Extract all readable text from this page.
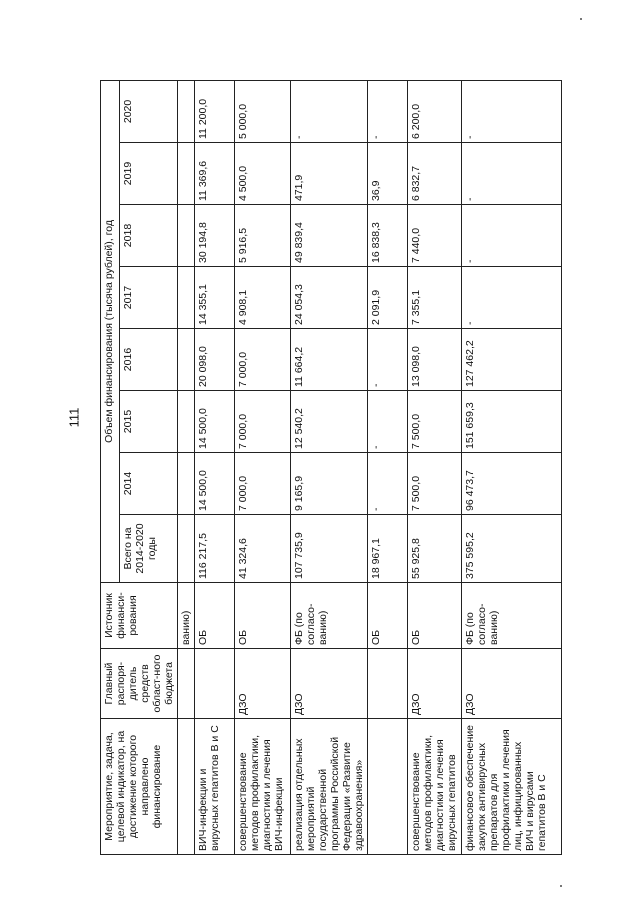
111
Мероприятие, задача, целевой индикатор, на достижение которого направлено финансирование	Главный распоря-дитель средств област-ного бюджета	Источник финанси-рования	Объем финансирования (тысяча рублей), год							
			Всего на 2014-2020 годы	2014	2015	2016	2017	2018	2019	2020
		ванию)								
ВИЧ-инфекции и вирусных гепатитов В и С		ОБ	116 217,5	14 500,0	14 500,0	20 098,0	14 355,1	30 194,8	11 369,6	11 200,0
совершенствование методов профилактики, диагностики и лечения ВИЧ-инфекции	ДЗО	ОБ	41 324,6	7 000,0	7 000,0	7 000,0	4 908,1	5 916,5	4 500,0	5 000,0
реализация отдельных мероприятий государственной программы Российской Федерации «Развитие здравоохранения»	ДЗО	ФБ (по согласо-ванию)	107 735,9	9 165,9	12 540,2	11 664,2	24 054,3	49 839,4	471,9	-
		ОБ	18 967,1	-	-	-	2 091,9	16 838,3	36,9	-
совершенствование методов профилактики, диагностики и лечения вирусных гепатитов	ДЗО	ОБ	55 925,8	7 500,0	7 500,0	13 098,0	7 355,1	7 440,0	6 832,7	6 200,0
финансовое обеспечение закупок антивирусных препаратов для профилактики и лечения лиц, инфицированных ВИЧ и вирусами гепатитов В и С	ДЗО	ФБ (по согласо-ванию)	375 595,2	96 473,7	151 659,3	127 462,2	-	-	-	-
